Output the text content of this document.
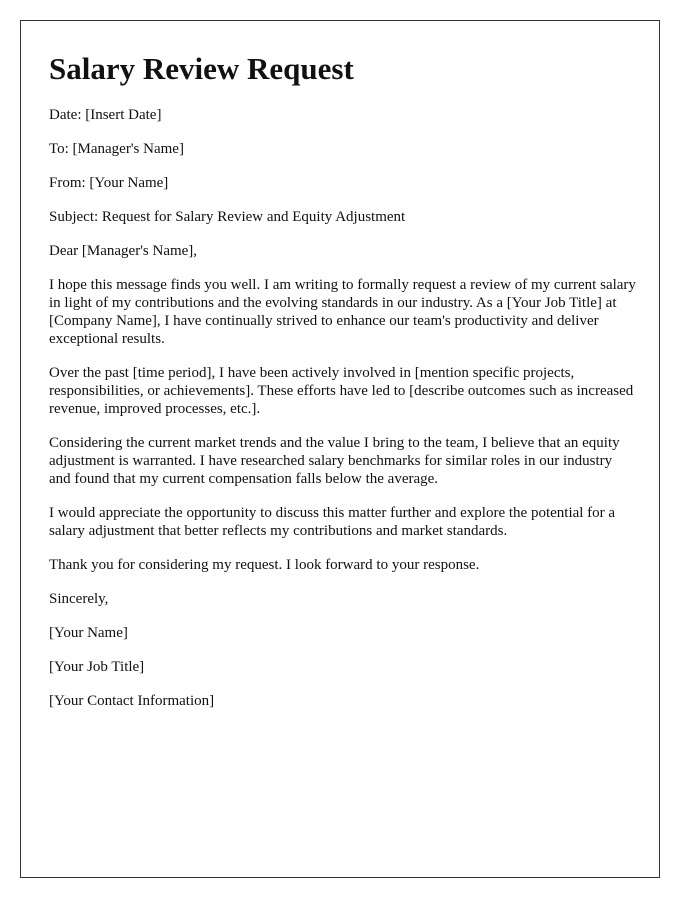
Salary Review Request

Date: [Insert Date]

To: [Manager's Name]

From: [Your Name]

Subject: Request for Salary Review and Equity Adjustment

Dear [Manager's Name],

I hope this message finds you well. I am writing to formally request a review of my current salary in light of my contributions and the evolving standards in our industry. As a [Your Job Title] at [Company Name], I have continually strived to enhance our team's productivity and deliver exceptional results.

Over the past [time period], I have been actively involved in [mention specific projects, responsibilities, or achievements]. These efforts have led to [describe outcomes such as increased revenue, improved processes, etc.].

Considering the current market trends and the value I bring to the team, I believe that an equity adjustment is warranted. I have researched salary benchmarks for similar roles in our industry and found that my current compensation falls below the average.

I would appreciate the opportunity to discuss this matter further and explore the potential for a salary adjustment that better reflects my contributions and market standards.

Thank you for considering my request. I look forward to your response.

Sincerely,

[Your Name]

[Your Job Title]

[Your Contact Information]
